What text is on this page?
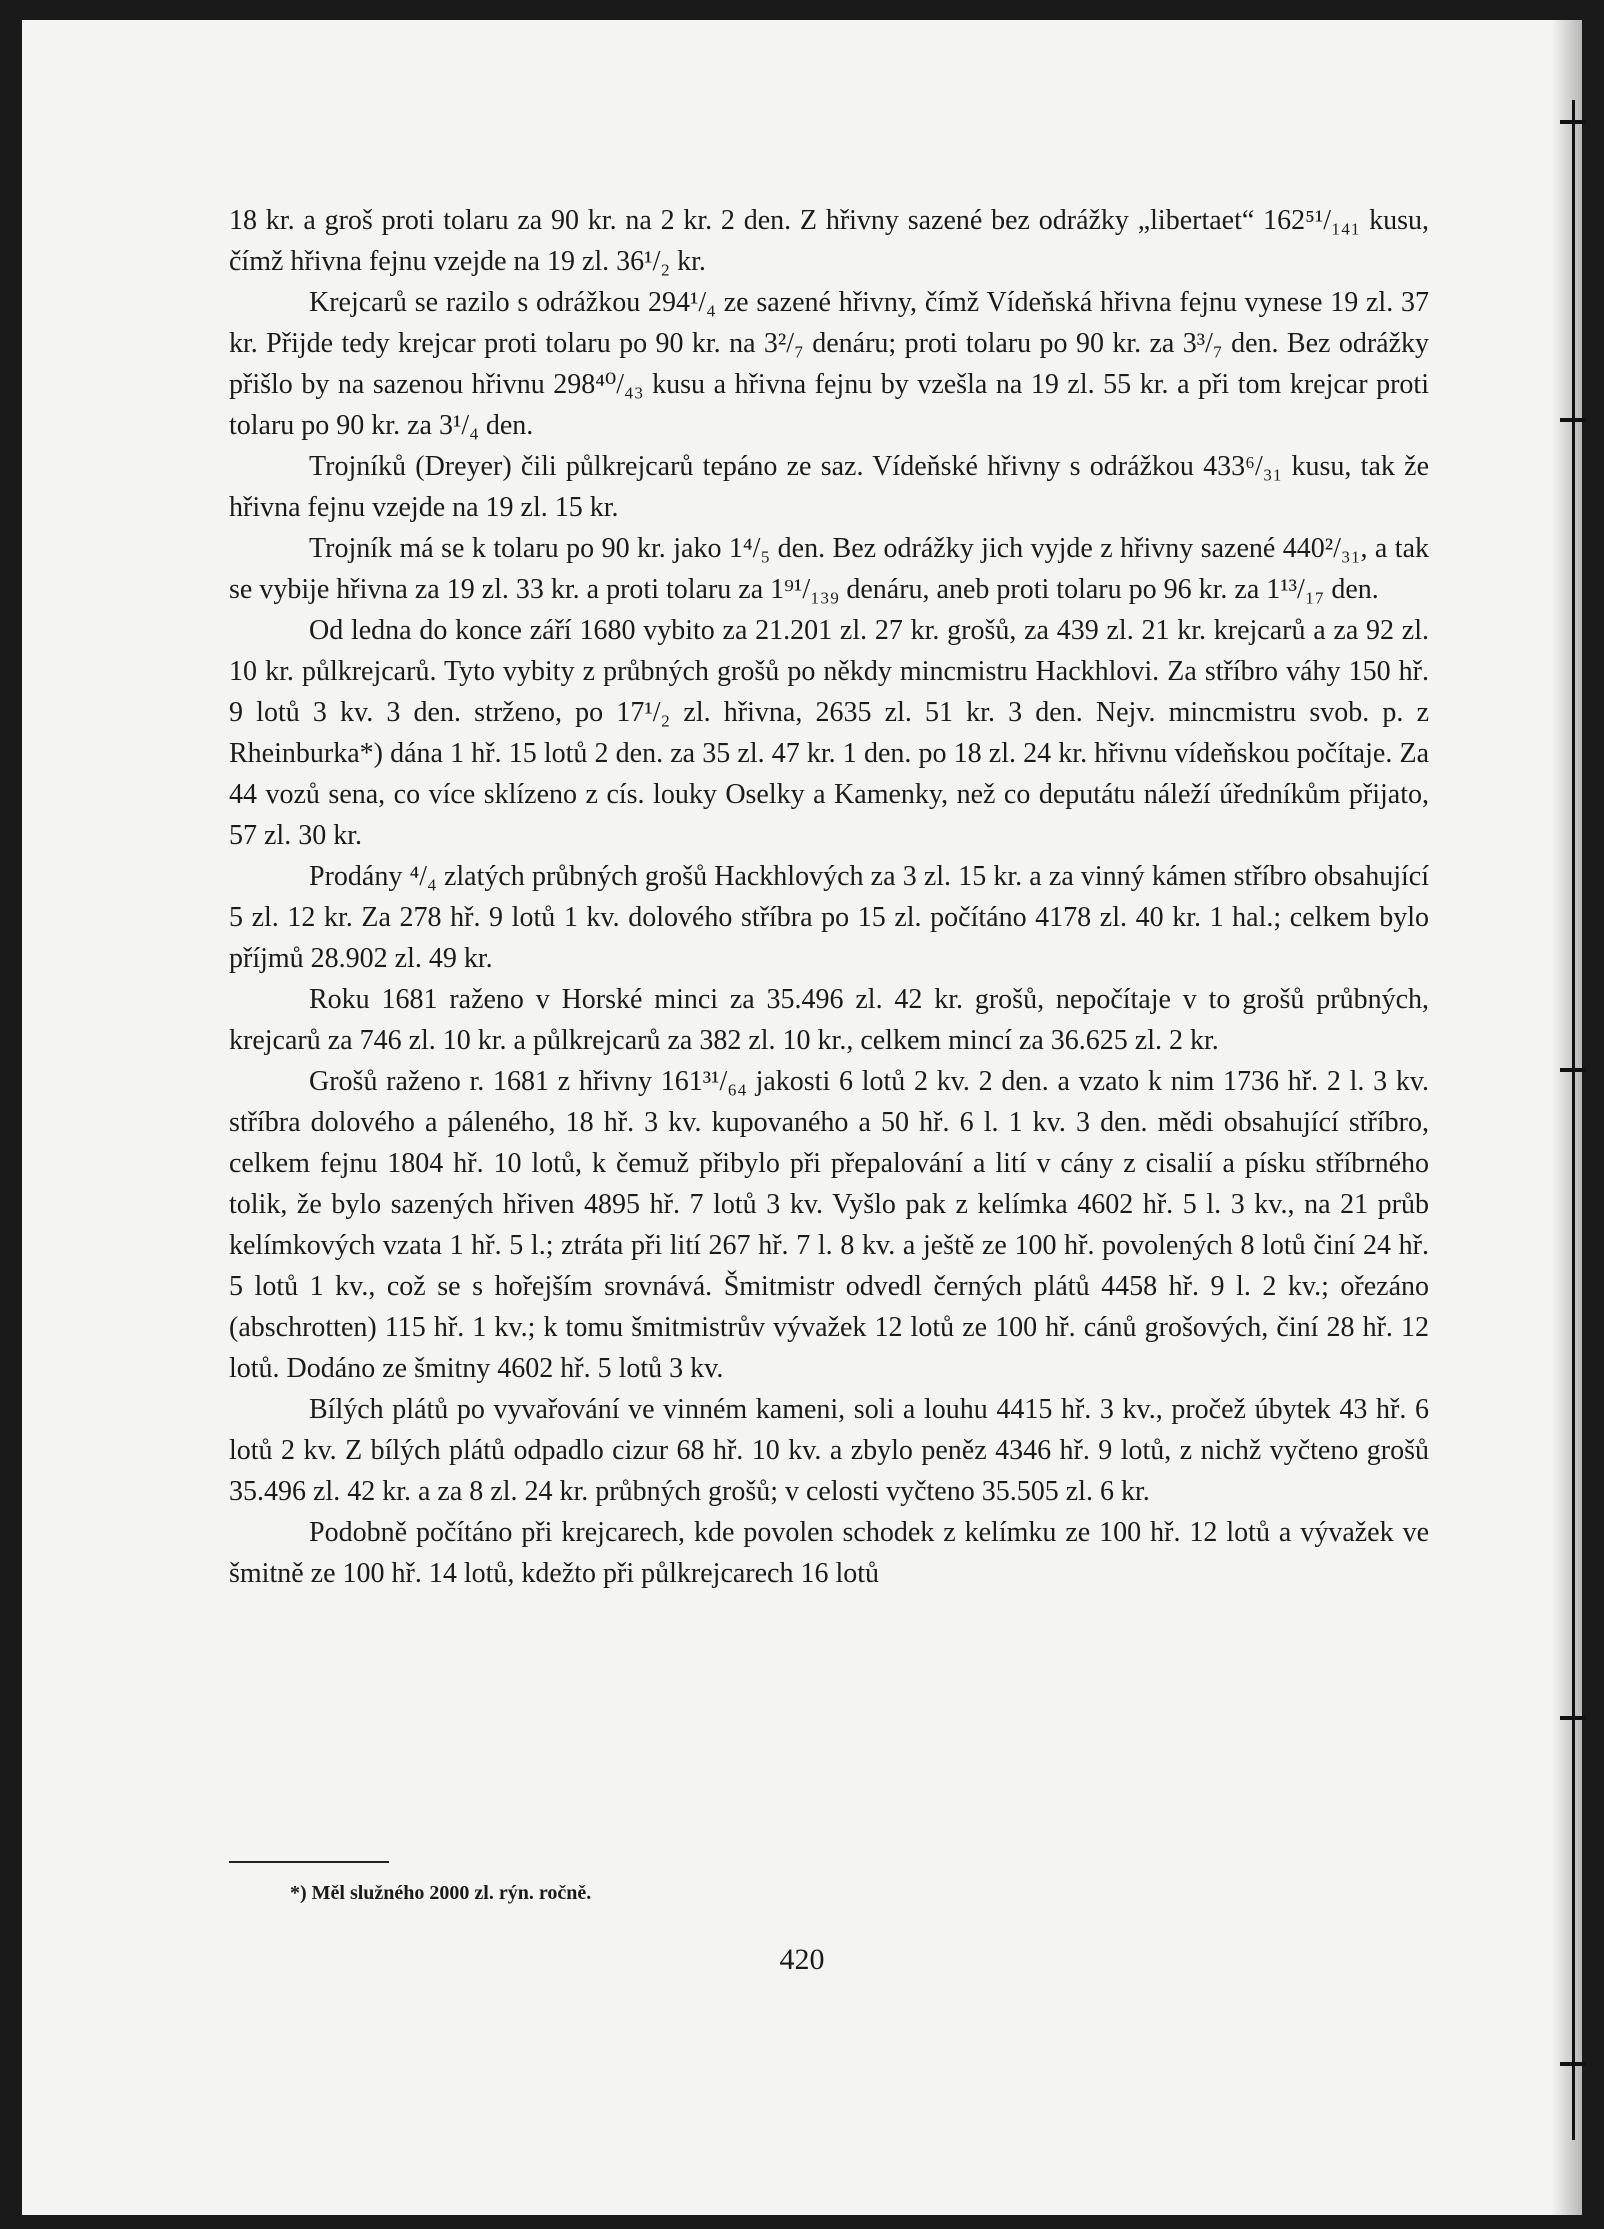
18 kr. a groš proti tolaru za 90 kr. na 2 kr. 2 den. Z hřivny sazené bez odrážky „libertaet“ 162⁵¹/₁₄₁ kusu, čímž hřivna fejnu vzejde na 19 zl. 36¹/₂ kr.

Krejcarů se razilo s odrážkou 294¹/₄ ze sazené hřivny, čímž Vídeňská hřivna fejnu vynese 19 zl. 37 kr. Přijde tedy krejcar proti tolaru po 90 kr. na 3²/₇ denáru; proti tolaru po 90 kr. za 3³/₇ den. Bez odrážky přišlo by na sazenou hřivnu 298⁴⁰/₄₃ kusu a hřivna fejnu by vzešla na 19 zl. 55 kr. a při tom krejcar proti tolaru po 90 kr. za 3¹/₄ den.

Trojníků (Dreyer) čili půlkrejcarů tepáno ze saz. Vídeňské hřivny s odrážkou 433⁶/₃₁ kusu, tak že hřivna fejnu vzejde na 19 zl. 15 kr.

Trojník má se k tolaru po 90 kr. jako 1⁴/₅ den. Bez odrážky jich vyjde z hřivny sazené 440²/₃₁, a tak se vybije hřivna za 19 zl. 33 kr. a proti tolaru za 1⁹¹/₁₃₉ denáru, aneb proti tolaru po 96 kr. za 1¹³/₁₇ den.

Od ledna do konce září 1680 vybito za 21.201 zl. 27 kr. grošů, za 439 zl. 21 kr. krejcarů a za 92 zl. 10 kr. půlkrejcarů. Tyto vybity z průbných grošů po někdy mincmistru Hackhlovi. Za stříbro váhy 150 hř. 9 lotů 3 kv. 3 den. strženo, po 17¹/₂ zl. hřivna, 2635 zl. 51 kr. 3 den. Nejv. mincmistru svob. p. z Rheinburka*) dána 1 hř. 15 lotů 2 den. za 35 zl. 47 kr. 1 den. po 18 zl. 24 kr. hřivnu vídeňskou počítaje. Za 44 vozů sena, co více sklízeno z cís. louky Oselky a Kamenky, než co deputátu náleží úředníkům přijato, 57 zl. 30 kr.

Prodány ⁴/₄ zlatých průbných grošů Hackhlových za 3 zl. 15 kr. a za vinný kámen stříbro obsahující 5 zl. 12 kr. Za 278 hř. 9 lotů 1 kv. dolového stříbra po 15 zl. počítáno 4178 zl. 40 kr. 1 hal.; celkem bylo příjmů 28.902 zl. 49 kr.

Roku 1681 raženo v Horské minci za 35.496 zl. 42 kr. grošů, nepočítaje v to grošů průbných, krejcarů za 746 zl. 10 kr. a půlkrejcarů za 382 zl. 10 kr., celkem mincí za 36.625 zl. 2 kr.

Grošů raženo r. 1681 z hřivny 161³¹/₆₄ jakosti 6 lotů 2 kv. 2 den. a vzato k nim 1736 hř. 2 l. 3 kv. stříbra dolového a páleného, 18 hř. 3 kv. kupovaného a 50 hř. 6 l. 1 kv. 3 den. mědi obsahující stříbro, celkem fejnu 1804 hř. 10 lotů, k čemuž přibylo při přepalování a lití v cány z cisalií a písku stříbrného tolik, že bylo sazených hřiven 4895 hř. 7 lotů 3 kv. Vyšlo pak z kelímka 4602 hř. 5 l. 3 kv., na 21 průb kelímkových vzata 1 hř. 5 l.; ztráta při lití 267 hř. 7 l. 8 kv. a ještě ze 100 hř. povolených 8 lotů činí 24 hř. 5 lotů 1 kv., což se s hořejším srovnává. Šmitmistr odvedl černých plátů 4458 hř. 9 l. 2 kv.; ořezáno (abschrotten) 115 hř. 1 kv.; k tomu šmitmistrův vývažek 12 lotů ze 100 hř. cánů grošových, činí 28 hř. 12 lotů. Dodáno ze šmitny 4602 hř. 5 lotů 3 kv.

Bílých plátů po vyvařování ve vinném kameni, soli a louhu 4415 hř. 3 kv., pročež úbytek 43 hř. 6 lotů 2 kv. Z bílých plátů odpadlo cizur 68 hř. 10 kv. a zbylo peněz 4346 hř. 9 lotů, z nichž vyčteno grošů 35.496 zl. 42 kr. a za 8 zl. 24 kr. průbných grošů; v celosti vyčteno 35.505 zl. 6 kr.

Podobně počítáno při krejcarech, kde povolen schodek z kelímku ze 100 hř. 12 lotů a vývažek ve šmitně ze 100 hř. 14 lotů, kdežto při půlkrejcarech 16 lotů

*) Měl služného 2000 zl. rýn. ročně.
420
